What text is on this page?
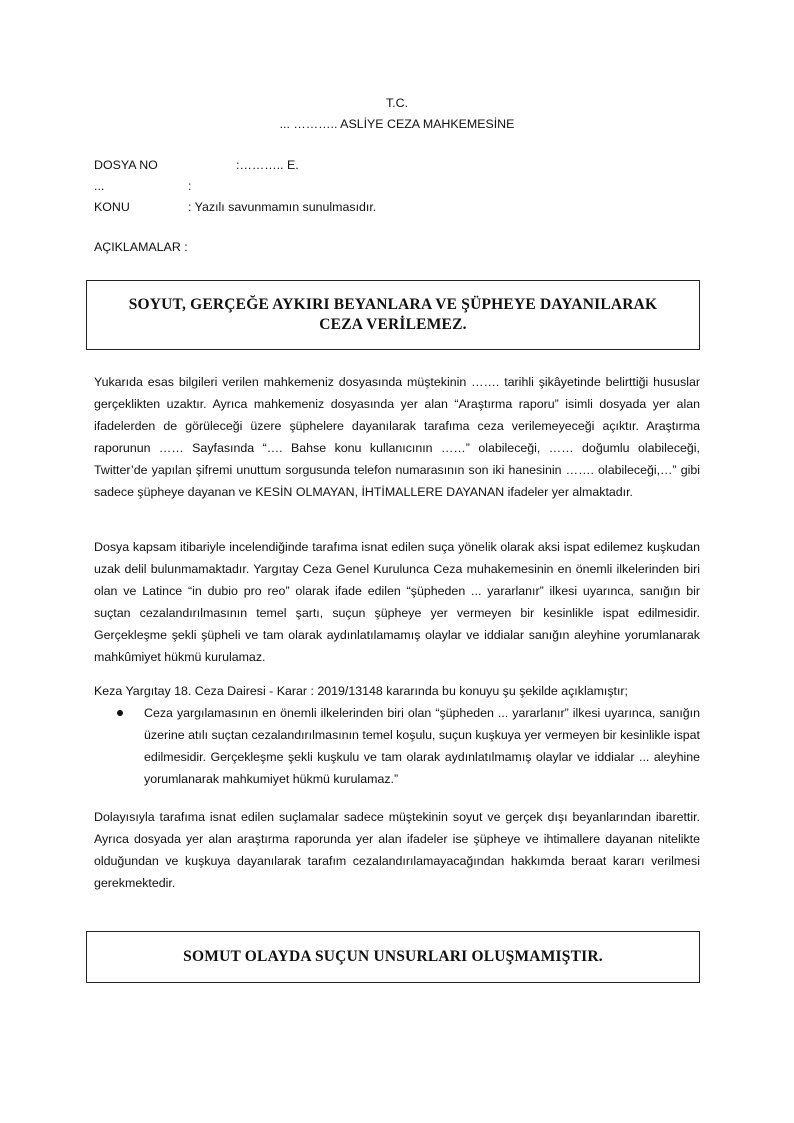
T.C.
... ……….. ASLİYE CEZA MAHKEMESİNE
DOSYA NO	:……….. E.
...	:
KONU	: Yazılı savunmamın sunulmasıdır.
AÇIKLAMALAR :
SOYUT, GERÇEĞE AYKIRI BEYANLARA VE ŞÜPHEYE DAYANILARAK CEZA VERİLEMEZ.

Yukarıda esas bilgileri verilen mahkemeniz dosyasında müştekinin ……. tarihli şikâyetinde belirttiği hususlar gerçeklikten uzaktır. Ayrıca mahkemeniz dosyasında yer alan “Araştırma raporu” isimli dosyada yer alan ifadelerden de görüleceği üzere şüphelere dayanılarak tarafıma ceza verilemeyeceği açıktır. Araştırma raporunun …… Sayfasında “…. Bahse konu kullanıcının ……” olabileceği, …… doğumlu olabileceği, Twitter’de yapılan şifremi unuttum sorgusunda telefon numarasının son iki hanesinin ……. olabileceği,…” gibi sadece şüpheye dayanan ve KESİN OLMAYAN, İHTİMALLERE DAYANAN ifadeler yer almaktadır.

Dosya kapsam itibariyle incelendiğinde tarafıma isnat edilen suça yönelik olarak aksi ispat edilemez kuşkudan uzak delil bulunmamaktadır. Yargıtay Ceza Genel Kurulunca Ceza muhakemesinin en önemli ilkelerinden biri olan ve Latince “in dubio pro reo” olarak ifade edilen “şüpheden ... yararlanır” ilkesi uyarınca, sanığın bir suçtan cezalandırılmasının temel şartı, suçun şüpheye yer vermeyen bir kesinlikle ispat edilmesidir. Gerçekleşme şekli şüpheli ve tam olarak aydınlatılamamış olaylar ve iddialar sanığın aleyhine yorumlanarak mahkûmiyet hükmü kurulamaz.

Keza Yargıtay 18. Ceza Dairesi - Karar : 2019/13148 kararında bu konuyu şu şekilde açıklamıştır;

Ceza yargılamasının en önemli ilkelerinden biri olan “şüpheden ... yararlanır” ilkesi uyarınca, sanığın üzerine atılı suçtan cezalandırılmasının temel koşulu, suçun kuşkuya yer vermeyen bir kesinlikle ispat edilmesidir. Gerçekleşme şekli kuşkulu ve tam olarak aydınlatılmamış olaylar ve iddialar ... aleyhine yorumlanarak mahkumiyet hükmü kurulamaz.”

Dolayısıyla tarafıma isnat edilen suçlamalar sadece müştekinin soyut ve gerçek dışı beyanlarından ibarettir. Ayrıca dosyada yer alan araştırma raporunda yer alan ifadeler ise şüpheye ve ihtimallere dayanan nitelikte olduğundan ve kuşkuya dayanılarak tarafım cezalandırılamayacağından hakkımda beraat kararı verilmesi gerekmektedir.

SOMUT OLAYDA SUÇUN UNSURLARI OLUŞMAMIŞTIR.
